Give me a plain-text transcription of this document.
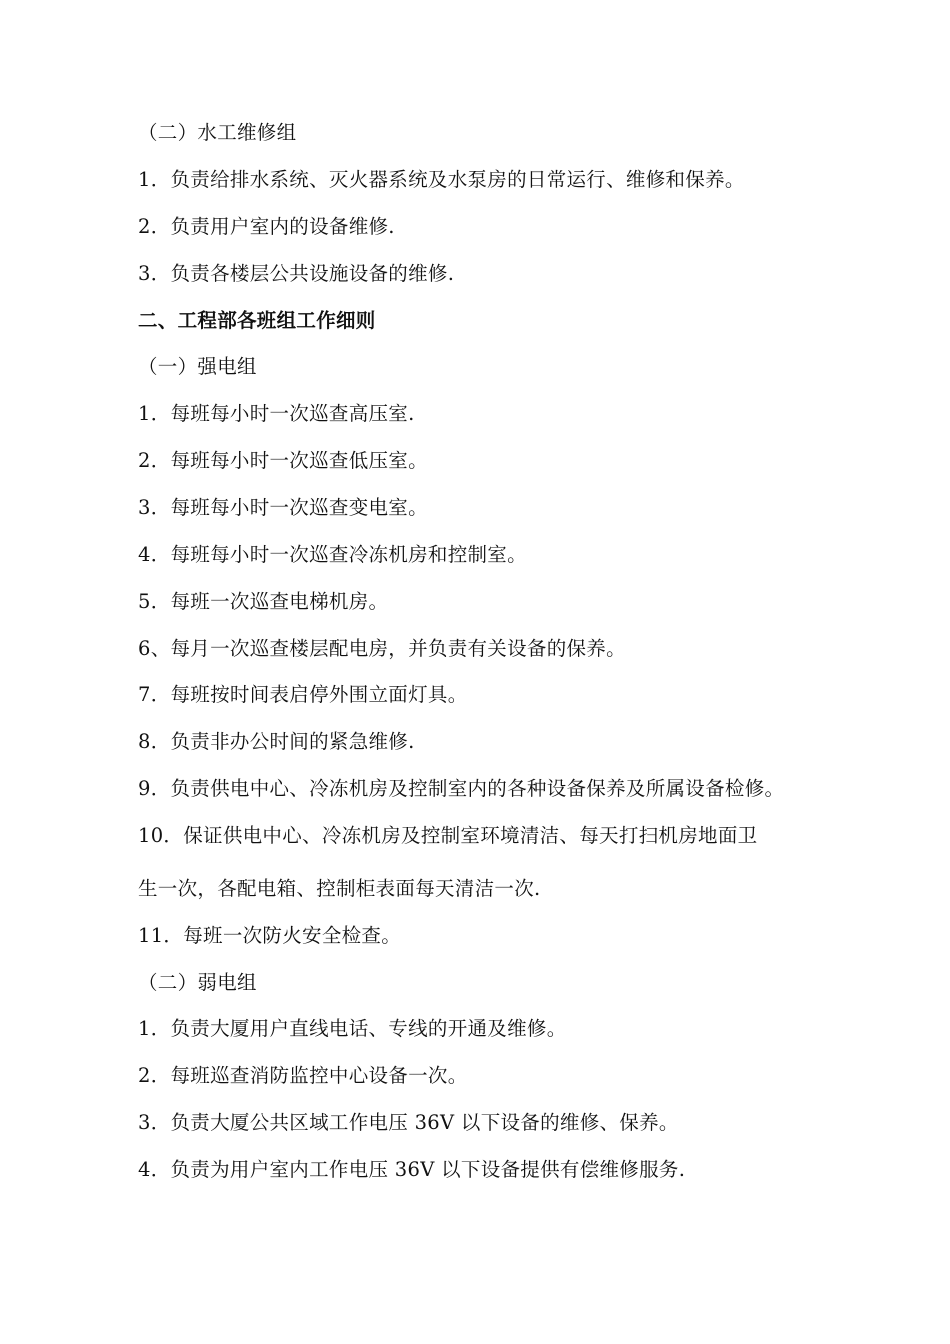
（二）水工维修组
1．负责给排水系统、灭火器系统及水泵房的日常运行、维修和保养。
2．负责用户室内的设备维修.
3．负责各楼层公共设施设备的维修.
二、工程部各班组工作细则
（一）强电组
1．每班每小时一次巡查高压室.
2．每班每小时一次巡查低压室。
3．每班每小时一次巡查变电室。
4．每班每小时一次巡查冷冻机房和控制室。
5．每班一次巡查电梯机房。
6、每月一次巡查楼层配电房，并负责有关设备的保养。
7．每班按时间表启停外围立面灯具。
8．负责非办公时间的紧急维修.
9．负责供电中心、冷冻机房及控制室内的各种设备保养及所属设备检修。
10．保证供电中心、冷冻机房及控制室环境清洁、每天打扫机房地面卫
生一次，各配电箱、控制柜表面每天清洁一次.
11．每班一次防火安全检查。
（二）弱电组
1．负责大厦用户直线电话、专线的开通及维修。
2．每班巡查消防监控中心设备一次。
3．负责大厦公共区域工作电压 36V 以下设备的维修、保养。
4．负责为用户室内工作电压 36V 以下设备提供有偿维修服务.
